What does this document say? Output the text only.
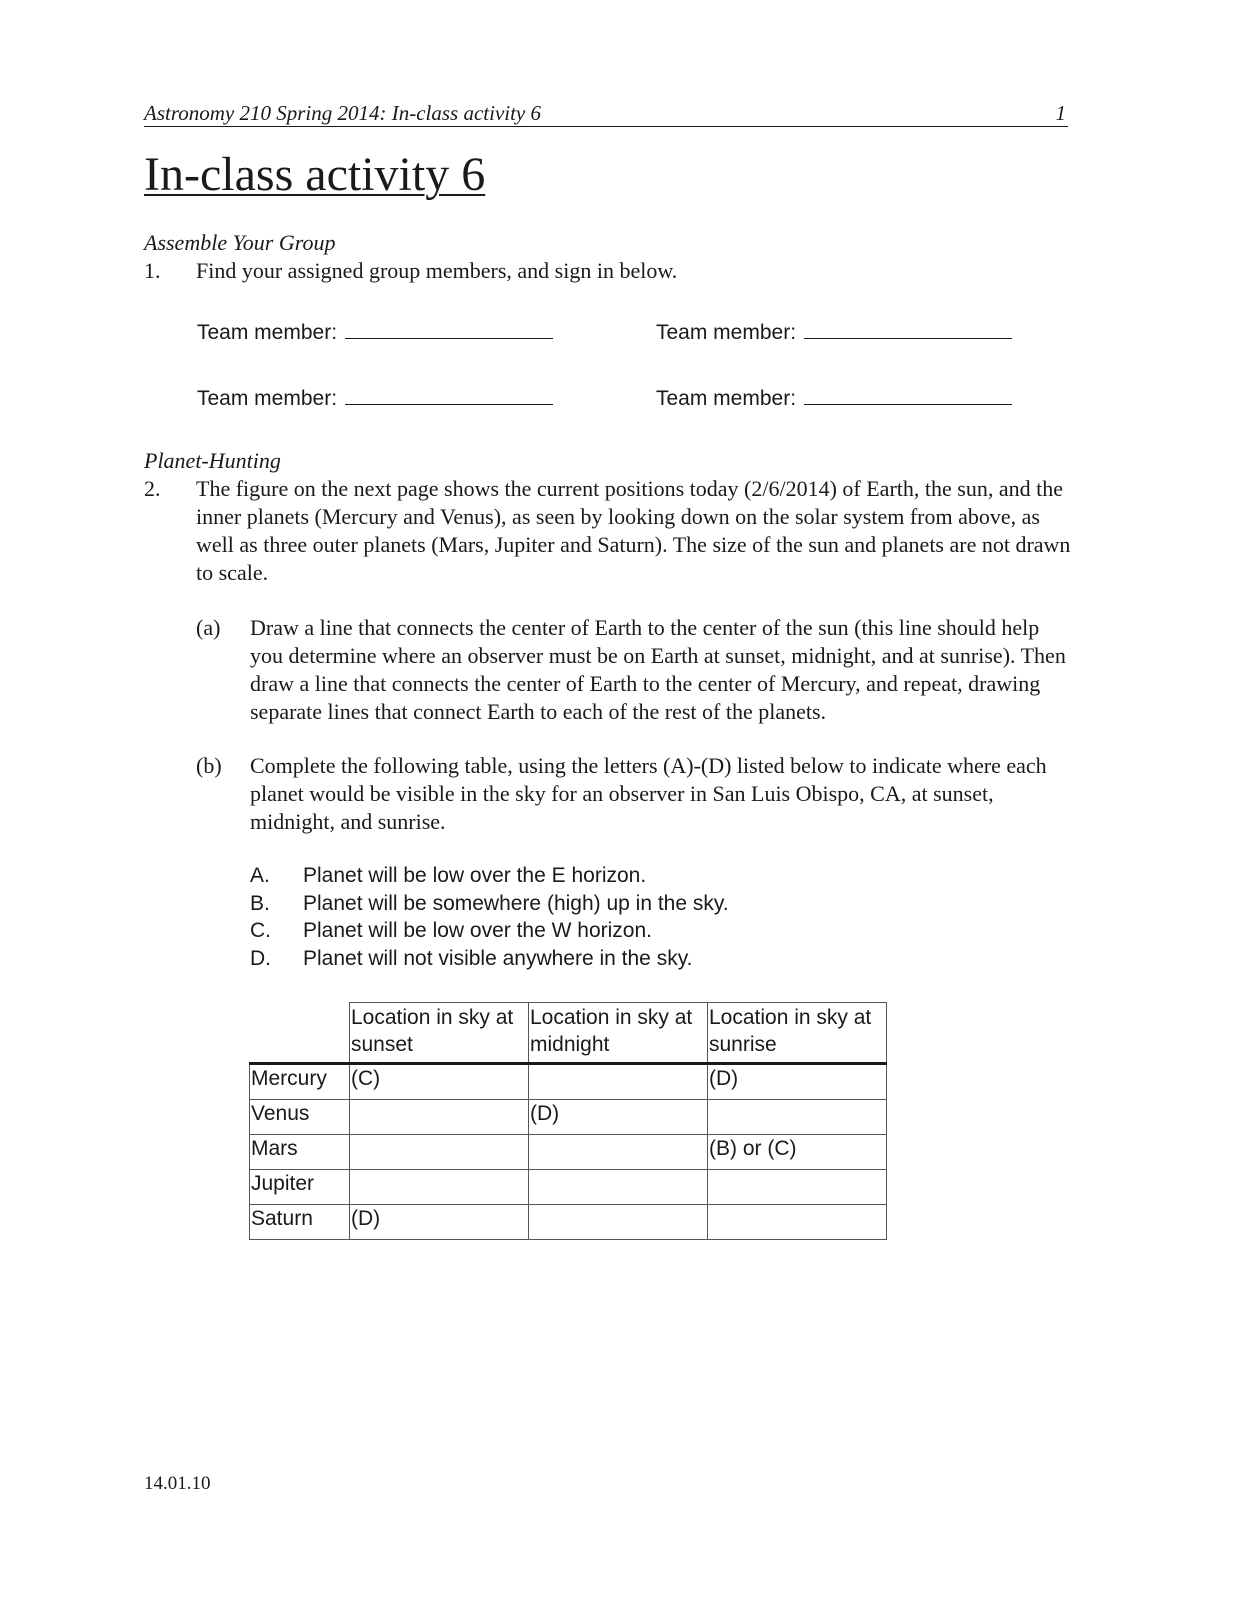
Astronomy 210 Spring 2014: In-class activity 6	1
In-class activity 6
Assemble Your Group
1. Find your assigned group members, and sign in below.
Team member:	Team member:
Team member:	Team member:
Planet-Hunting
2. The figure on the next page shows the current positions today (2/6/2014) of Earth, the sun, and the inner planets (Mercury and Venus), as seen by looking down on the solar system from above, as well as three outer planets (Mars, Jupiter and Saturn). The size of the sun and planets are not drawn to scale.
(a) Draw a line that connects the center of Earth to the center of the sun (this line should help you determine where an observer must be on Earth at sunset, midnight, and at sunrise). Then draw a line that connects the center of Earth to the center of Mercury, and repeat, drawing separate lines that connect Earth to each of the rest of the planets.
(b) Complete the following table, using the letters (A)-(D) listed below to indicate where each planet would be visible in the sky for an observer in San Luis Obispo, CA, at sunset, midnight, and sunrise.
A. Planet will be low over the E horizon.
B. Planet will be somewhere (high) up in the sky.
C. Planet will be low over the W horizon.
D. Planet will not visible anywhere in the sky.
	Location in sky at sunset	Location in sky at midnight	Location in sky at sunrise
Mercury	(C)		(D)
Venus		(D)	
Mars			(B) or (C)
Jupiter			
Saturn	(D)		
14.01.10
